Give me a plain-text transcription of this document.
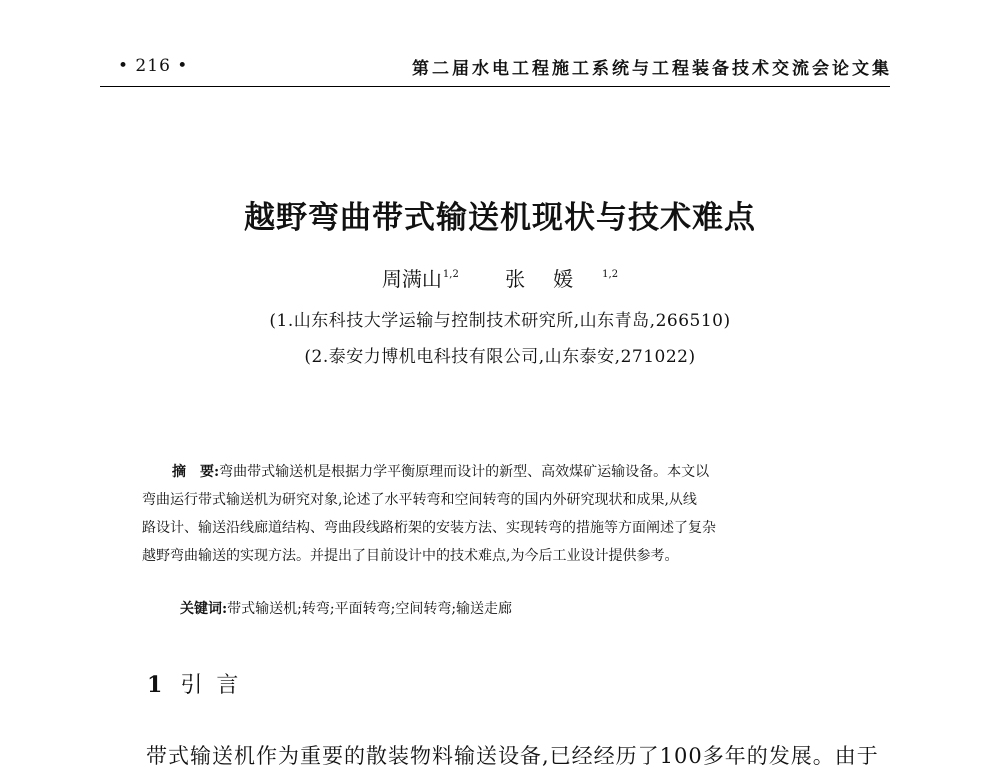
• 216 •	第二届水电工程施工系统与工程装备技术交流会论文集
越野弯曲带式输送机现状与技术难点
周满山$^{1,2}$ 张媛$^{1,2}$
(1.山东科技大学运输与控制技术研究所,山东青岛,266510)
(2.泰安力博机电科技有限公司,山东泰安,271022)
摘　要:弯曲带式输送机是根据力学平衡原理而设计的新型、高效煤矿运输设备。本文以
弯曲运行带式输送机为研究对象,论述了水平转弯和空间转弯的国内外研究现状和成果,从线
路设计、输送沿线廊道结构、弯曲段线路桁架的安装方法、实现转弯的措施等方面阐述了复杂
越野弯曲输送的实现方法。并提出了目前设计中的技术难点,为今后工业设计提供参考。
关键词:带式输送机;转弯;平面转弯;空间转弯;输送走廊
1 引言
带式输送机作为重要的散装物料输送设备,已经经历了100多年的发展。由于
